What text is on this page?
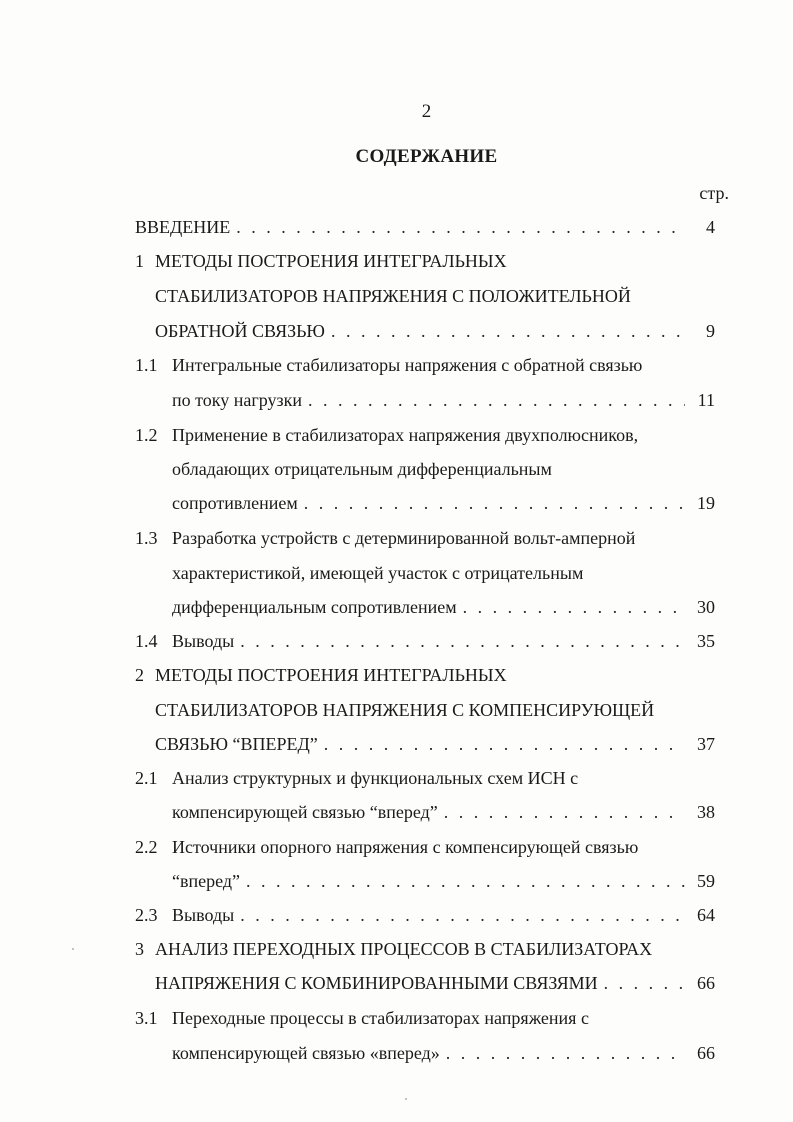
2
СОДЕРЖАНИЕ
стр.
ВВЕДЕНИЕ . . .	4
1 МЕТОДЫ ПОСТРОЕНИЯ ИНТЕГРАЛЬНЫХ
СТАБИЛИЗАТОРОВ НАПРЯЖЕНИЯ С ПОЛОЖИТЕЛЬНОЙ
ОБРАТНОЙ СВЯЗЬЮ . . .	9
1.1 Интегральные стабилизаторы напряжения с обратной связью
по току нагрузки . . .	11
1.2 Применение в стабилизаторах напряжения двухполюсников,
обладающих отрицательным дифференциальным
сопротивлением . . .	19
1.3 Разработка устройств с детерминированной вольт-амперной
характеристикой, имеющей участок с отрицательным
дифференциальным сопротивлением . . .	30
1.4 Выводы . . .	35
2 МЕТОДЫ ПОСТРОЕНИЯ ИНТЕГРАЛЬНЫХ
СТАБИЛИЗАТОРОВ НАПРЯЖЕНИЯ С КОМПЕНСИРУЮЩЕЙ
СВЯЗЬЮ “ВПЕРЕД” . . .	37
2.1 Анализ структурных и функциональных схем ИСН с
компенсирующей связью “вперед” . . .	38
2.2 Источники опорного напряжения с компенсирующей связью
“вперед” . . .	59
2.3 Выводы . . .	64
3 АНАЛИЗ ПЕРЕХОДНЫХ ПРОЦЕССОВ В СТАБИЛИЗАТОРАХ
НАПРЯЖЕНИЯ С КОМБИНИРОВАННЫМИ СВЯЗЯМИ . . .	66
3.1 Переходные процессы в стабилизаторах напряжения с
компенсирующей связью «вперед» . . .	66
